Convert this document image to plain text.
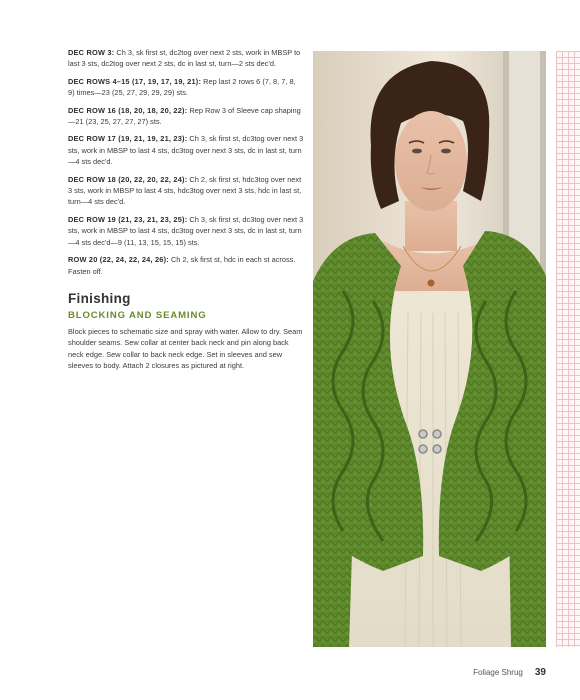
DEC ROW 3: Ch 3, sk first st, dc2tog over next 2 sts, work in MBSP to last 3 sts, dc2tog over next 2 sts, dc in last st, turn—2 sts dec'd.

DEC ROWS 4–15 (17, 19, 17, 19, 21): Rep last 2 rows 6 (7, 8, 7, 8, 9) times—23 (25, 27, 29, 29, 29) sts.

DEC ROW 16 (18, 20, 18, 20, 22): Rep Row 3 of Sleeve cap shaping—21 (23, 25, 27, 27, 27) sts.

DEC ROW 17 (19, 21, 19, 21, 23): Ch 3, sk first st, dc3tog over next 3 sts, work in MBSP to last 4 sts, dc3tog over next 3 sts, dc in last st, turn—4 sts dec'd.

DEC ROW 18 (20, 22, 20, 22, 24): Ch 2, sk first st, hdc3tog over next 3 sts, work in MBSP to last 4 sts, hdc3tog over next 3 sts, hdc in last st, turn—4 sts dec'd.

DEC ROW 19 (21, 23, 21, 23, 25): Ch 3, sk first st, dc3tog over next 3 sts, work in MBSP to last 4 sts, dc3tog over next 3 sts, dc in last st, turn—4 sts dec'd—9 (11, 13, 15, 15, 15) sts.

ROW 20 (22, 24, 22, 24, 26): Ch 2, sk first st, hdc in each st across. Fasten off.

Finishing
BLOCKING AND SEAMING

Block pieces to schematic size and spray with water. Allow to dry. Seam shoulder seams. Sew collar at center back neck and pin along back neck edge. Sew collar to back neck edge. Set in sleeves and sew sleeves to body. Attach 2 closures as pictured at right.

Foliage Shrug 39
